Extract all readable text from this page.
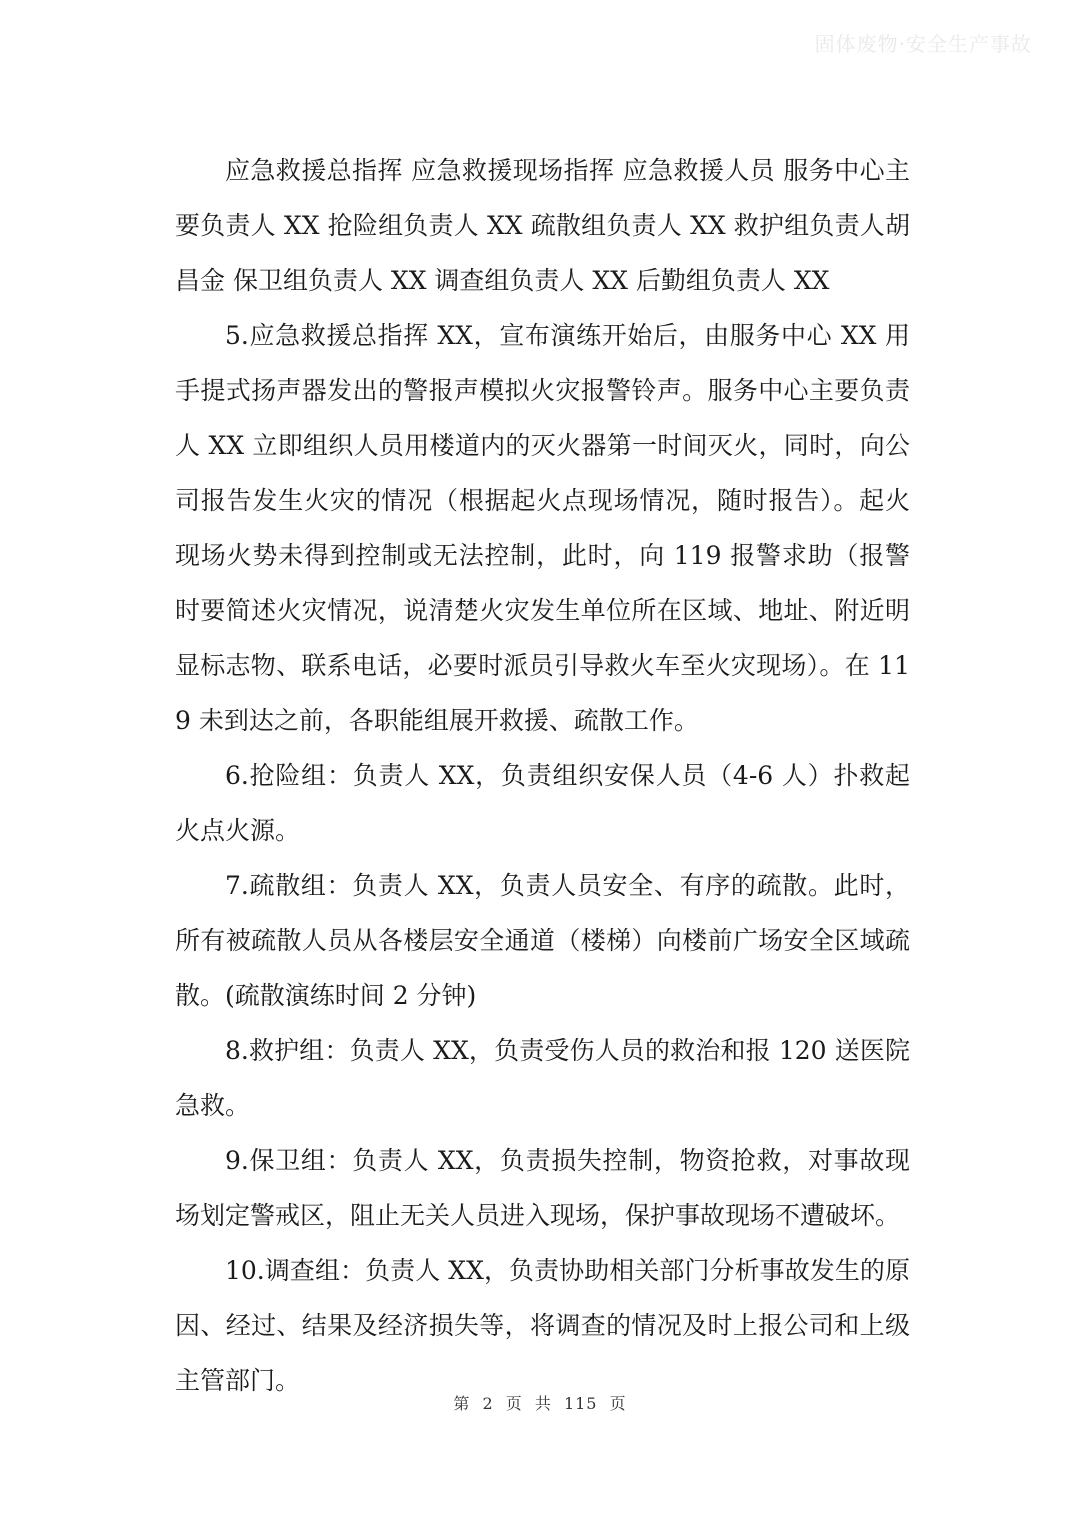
固体废物·安全生产事故

应急救援总指挥 应急救援现场指挥 应急救援人员 服务中心主要负责人 XX 抢险组负责人 XX 疏散组负责人 XX 救护组负责人胡昌金 保卫组负责人 XX 调查组负责人 XX 后勤组负责人 XX

5.应急救援总指挥 XX，宣布演练开始后，由服务中心 XX 用手提式扬声器发出的警报声模拟火灾报警铃声。服务中心主要负责人 XX 立即组织人员用楼道内的灭火器第一时间灭火，同时，向公司报告发生火灾的情况（根据起火点现场情况，随时报告）。起火现场火势未得到控制或无法控制，此时，向 119 报警求助（报警时要简述火灾情况，说清楚火灾发生单位所在区域、地址、附近明显标志物、联系电话，必要时派员引导救火车至火灾现场）。在 119 未到达之前，各职能组展开救援、疏散工作。

6.抢险组：负责人 XX，负责组织安保人员（4-6 人）扑救起火点火源。

7.疏散组：负责人 XX，负责人员安全、有序的疏散。此时，所有被疏散人员从各楼层安全通道（楼梯）向楼前广场安全区域疏散。(疏散演练时间 2 分钟)

8.救护组：负责人 XX，负责受伤人员的救治和报 120 送医院急救。

9.保卫组：负责人 XX，负责损失控制，物资抢救，对事故现场划定警戒区，阻止无关人员进入现场，保护事故现场不遭破坏。

10.调查组：负责人 XX，负责协助相关部门分析事故发生的原因、经过、结果及经济损失等，将调查的情况及时上报公司和上级主管部门。

第 2 页 共 115 页
